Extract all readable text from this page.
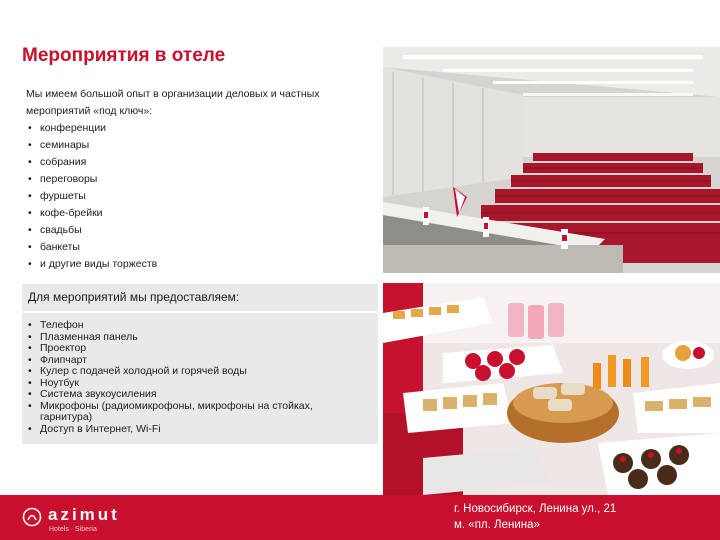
Мероприятия в отеле

Мы имеем большой опыт в организации деловых и частных мероприятий «под ключ»:

• конференции
• семинары
• собрания
• переговоры
• фуршеты
• кофе-брейки
• свадьбы
• банкеты
• и другие виды торжеств
Для мероприятий мы предоставляем:
• Телефон
• Плазменная панель
• Проектор
• Флипчарт
• Кулер с подачей холодной и горячей воды
• Ноутбук
• Система звукоусиления
• Микрофоны (радиомикрофоны, микрофоны на стойках, гарнитура)
• Доступ в Интернет, Wi-Fi
azimut
Hotels · Siberia
г. Новосибирск, Ленина ул., 21
м. «пл. Ленина»
